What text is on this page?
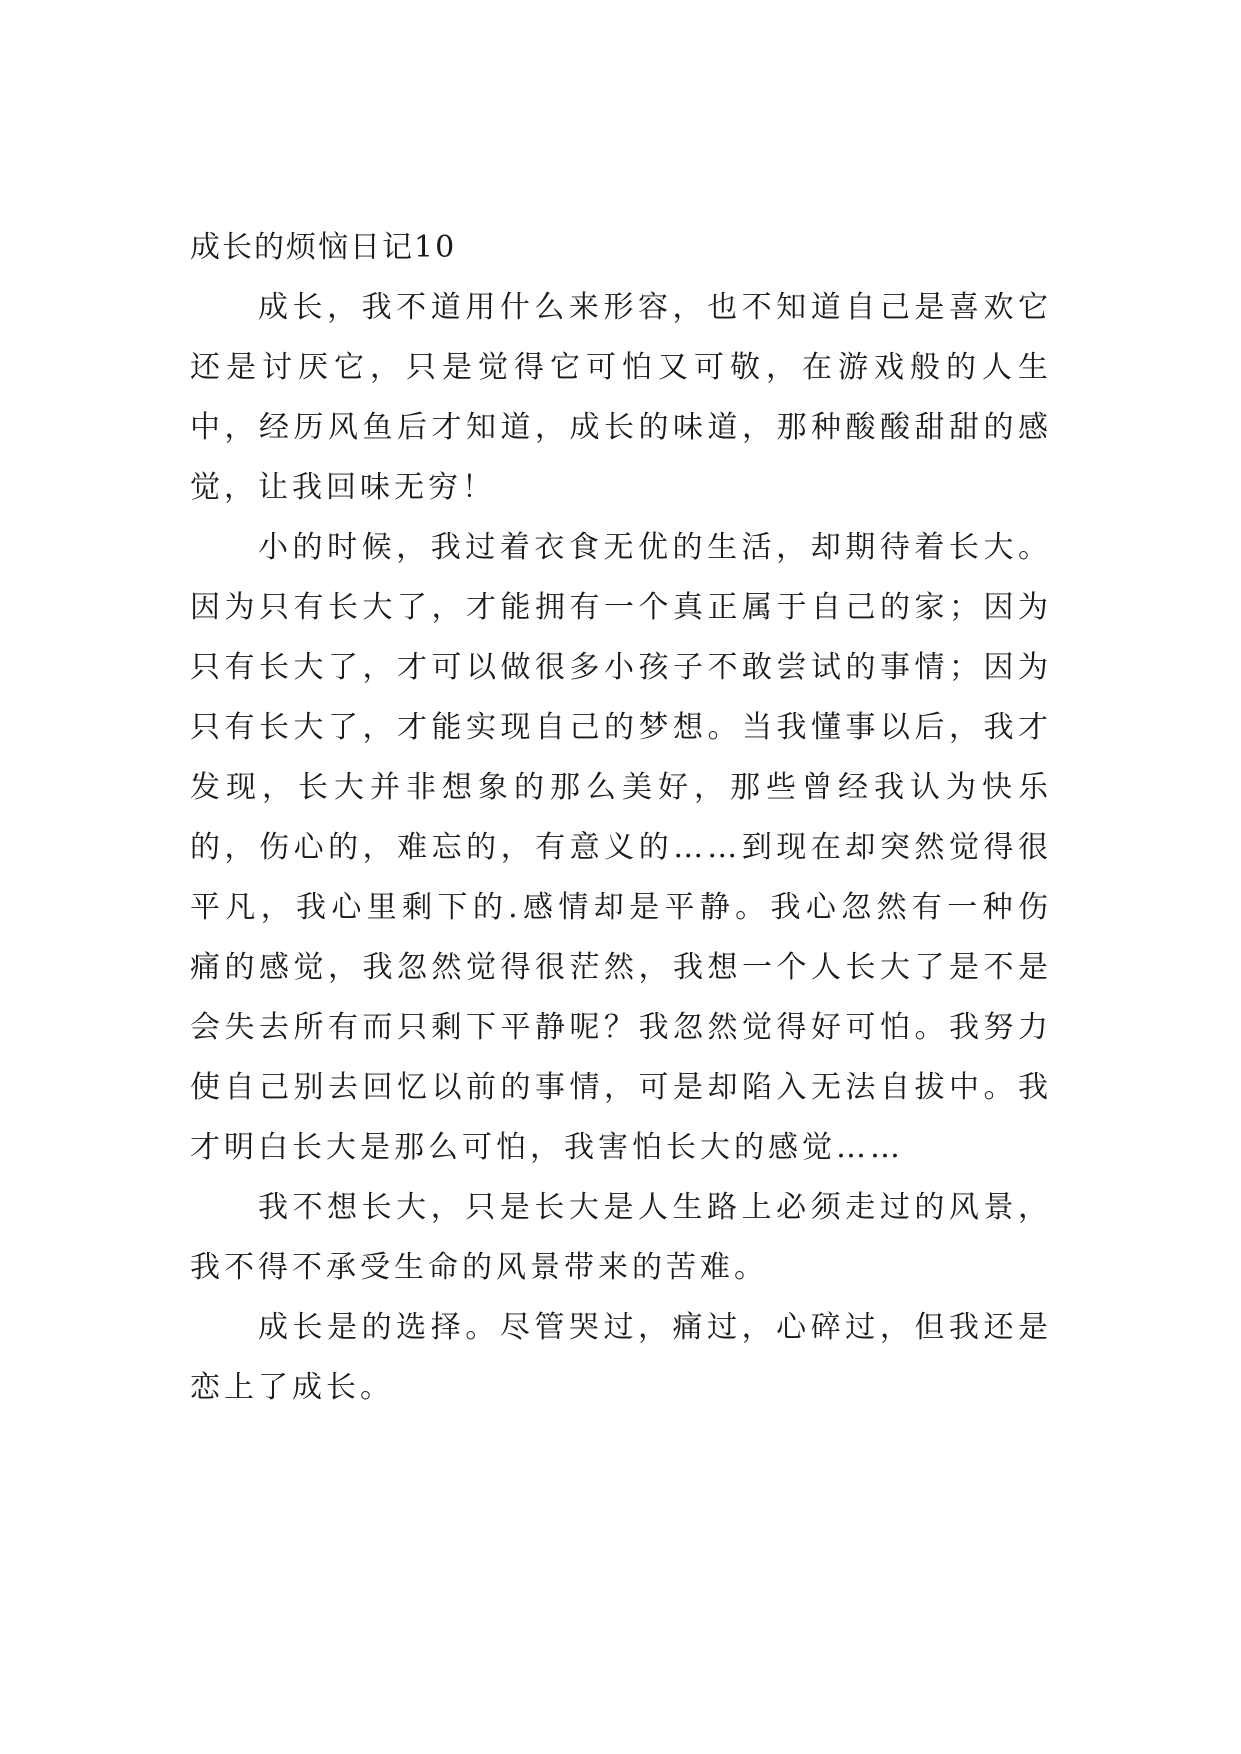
成长的烦恼日记10

成长，我不道用什么来形容，也不知道自己是喜欢它还是讨厌它，只是觉得它可怕又可敬，在游戏般的人生中，经历风鱼后才知道，成长的味道，那种酸酸甜甜的感觉，让我回味无穷！

小的时候，我过着衣食无优的生活，却期待着长大。因为只有长大了，才能拥有一个真正属于自己的家；因为只有长大了，才可以做很多小孩子不敢尝试的事情；因为只有长大了，才能实现自己的梦想。当我懂事以后，我才发现，长大并非想象的那么美好，那些曾经我认为快乐的，伤心的，难忘的，有意义的……到现在却突然觉得很平凡，我心里剩下的.感情却是平静。我心忽然有一种伤痛的感觉，我忽然觉得很茫然，我想一个人长大了是不是会失去所有而只剩下平静呢？我忽然觉得好可怕。我努力使自己别去回忆以前的事情，可是却陷入无法自拔中。我才明白长大是那么可怕，我害怕长大的感觉……

我不想长大，只是长大是人生路上必须走过的风景，我不得不承受生命的风景带来的苦难。

成长是的选择。尽管哭过，痛过，心碎过，但我还是恋上了成长。
